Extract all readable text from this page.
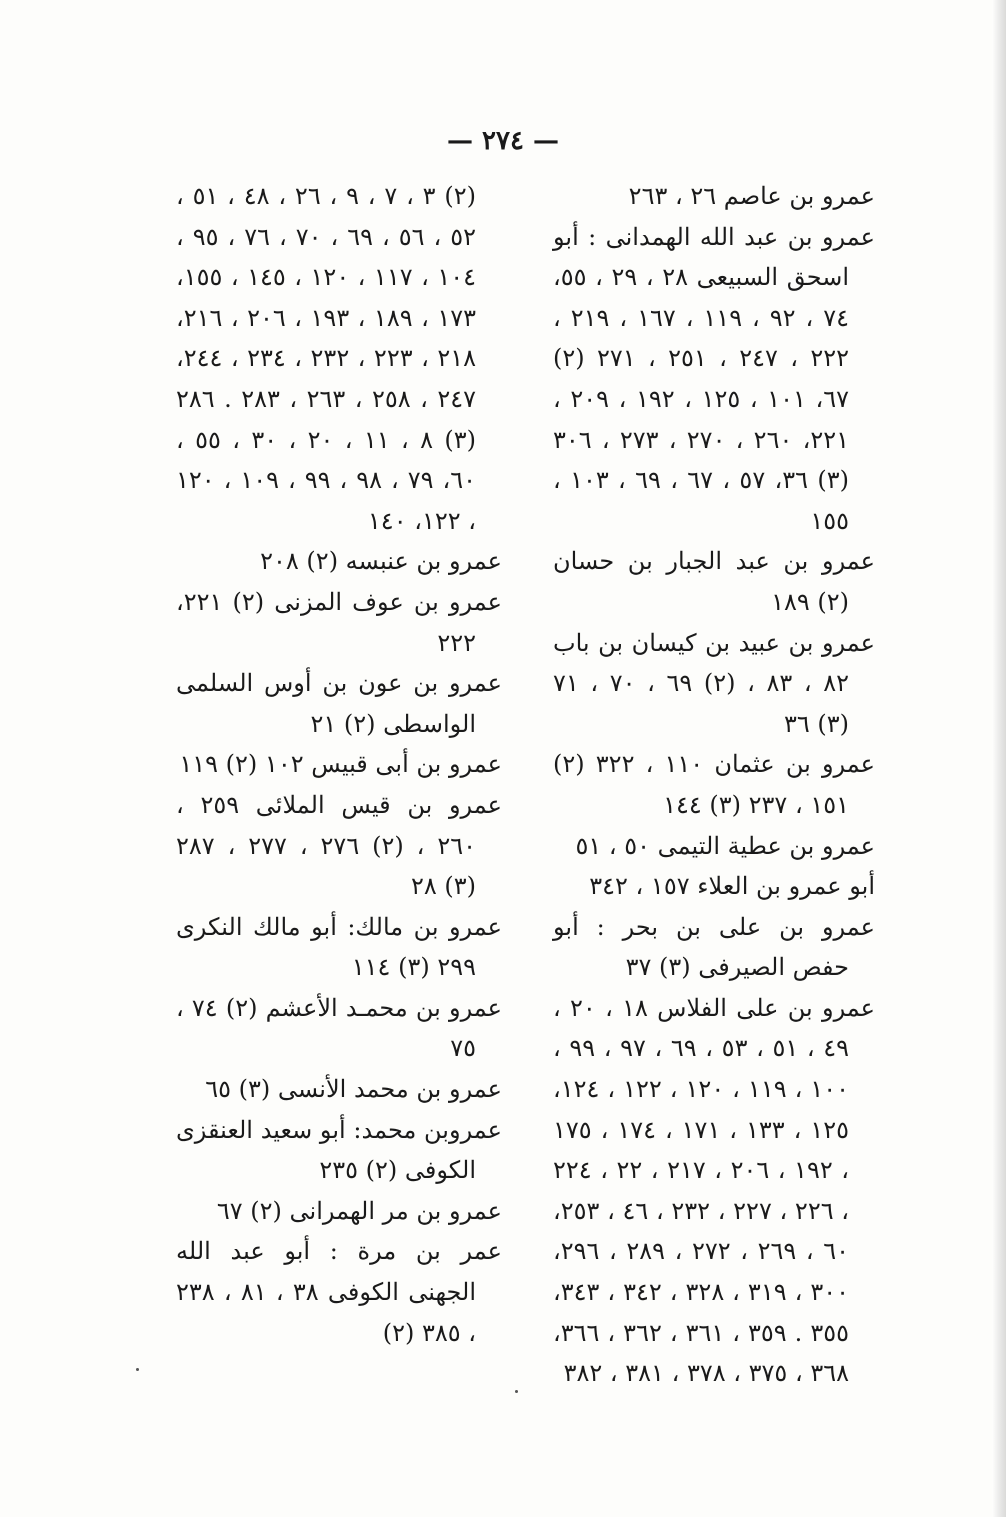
— ٢٧٤ —

عمرو بن عاصم ٢٦ ، ٢٦٣

عمرو بن عبد الله الهمدانى : أبو اسحق السبيعى ٢٨ ، ٢٩ ، ٥٥، ٧٤ ، ٩٢ ، ١١٩ ، ١٦٧ ، ٢١٩ ، ٢٢٢ ، ٢٤٧ ، ٢٥١ ، ٢٧١ (٢) ٦٧، ١٠١ ، ١٢٥ ، ١٩٢ ، ٢٠٩ ، ٢٢١، ٢٦٠ ، ٢٧٠ ، ٢٧٣ ، ٣٠٦ (٣) ٣٦، ٥٧ ، ٦٧ ، ٦٩ ، ١٠٣ ، ١٥٥

عمرو بن عبد الجبار بن حسان (٢) ١٨٩

عمرو بن عبيد بن كيسان بن باب ٨٢ ، ٨٣ ، (٢) ٦٩ ، ٧٠ ، ٧١ (٣) ٣٦

عمرو بن عثمان ١١٠ ، ٣٢٢ (٢) ١٥١ ، ٢٣٧ (٣) ١٤٤

عمرو بن عطية التيمى ٥٠ ، ٥١

أبو عمرو بن العلاء ١٥٧ ، ٣٤٢

عمرو بن على بن بحر : أبو حفص الصيرفى (٣) ٣٧

عمرو بن على الفلاس ١٨ ، ٢٠ ، ٤٩ ، ٥١ ، ٥٣ ، ٦٩ ، ٩٧ ، ٩٩ ، ١٠٠ ، ١١٩ ، ١٢٠ ، ١٢٢ ، ١٢٤، ١٢٥ ، ١٣٣ ، ١٧١ ، ١٧٤ ، ١٧٥ ، ١٩٢ ، ٢٠٦ ، ٢١٧ ، ٢٢ ، ٢٢٤ ، ٢٢٦ ، ٢٢٧ ، ٢٣٢ ، ٤٦ ، ٢٥٣، ٦٠ ، ٢٦٩ ، ٢٧٢ ، ٢٨٩ ، ٢٩٦، ٣٠٠ ، ٣١٩ ، ٣٢٨ ، ٣٤٢ ، ٣٤٣، ٣٥٥ . ٣٥٩ ، ٣٦١ ، ٣٦٢ ، ٣٦٦، ٣٦٨ ، ٣٧٥ ، ٣٧٨ ، ٣٨١ ، ٣٨٢

(٢) ٣ ، ٧ ، ٩ ، ٢٦ ، ٤٨ ، ٥١ ، ٥٢ ، ٥٦ ، ٦٩ ، ٧٠ ، ٧٦ ، ٩٥ ، ١٠٤ ، ١١٧ ، ١٢٠ ، ١٤٥ ، ١٥٥، ١٧٣ ، ١٨٩ ، ١٩٣ ، ٢٠٦ ، ٢١٦، ٢١٨ ، ٢٢٣ ، ٢٣٢ ، ٢٣٤ ، ٢٤٤، ٢٤٧ ، ٢٥٨ ، ٢٦٣ ، ٢٨٣ . ٢٨٦ (٣) ٨ ، ١١ ، ٢٠ ، ٣٠ ، ٥٥ ، ٦٠، ٧٩ ، ٩٨ ، ٩٩ ، ١٠٩ ، ١٢٠ ، ١٢٢، ١٤٠

عمرو بن عنبسه (٢) ٢٠٨

عمرو بن عوف المزنى (٢) ٢٢١، ٢٢٢

عمرو بن عون بن أوس السلمى الواسطى (٢) ٢١

عمرو بن أبى قبيس ١٠٢ (٢) ١١٩

عمرو بن قيس الملائى ٢٥٩ ، ٢٦٠ ، (٢) ٢٧٦ ، ٢٧٧ ، ٢٨٧ (٣) ٢٨

عمرو بن مالك: أبو مالك النكرى ٢٩٩ (٣) ١١٤

عمرو بن محمـد الأعشم (٢) ٧٤ ، ٧٥

عمرو بن محمد الأنسى (٣) ٦٥

عمروبن محمد: أبو سعيد العنقزى الكوفى (٢) ٢٣٥

عمرو بن مر الهمرانى (٢) ٦٧

عمر بن مرة : أبو عبد الله الجهنى الكوفى ٣٨ ، ٨١ ، ٢٣٨ ، ٣٨٥ (٢)
